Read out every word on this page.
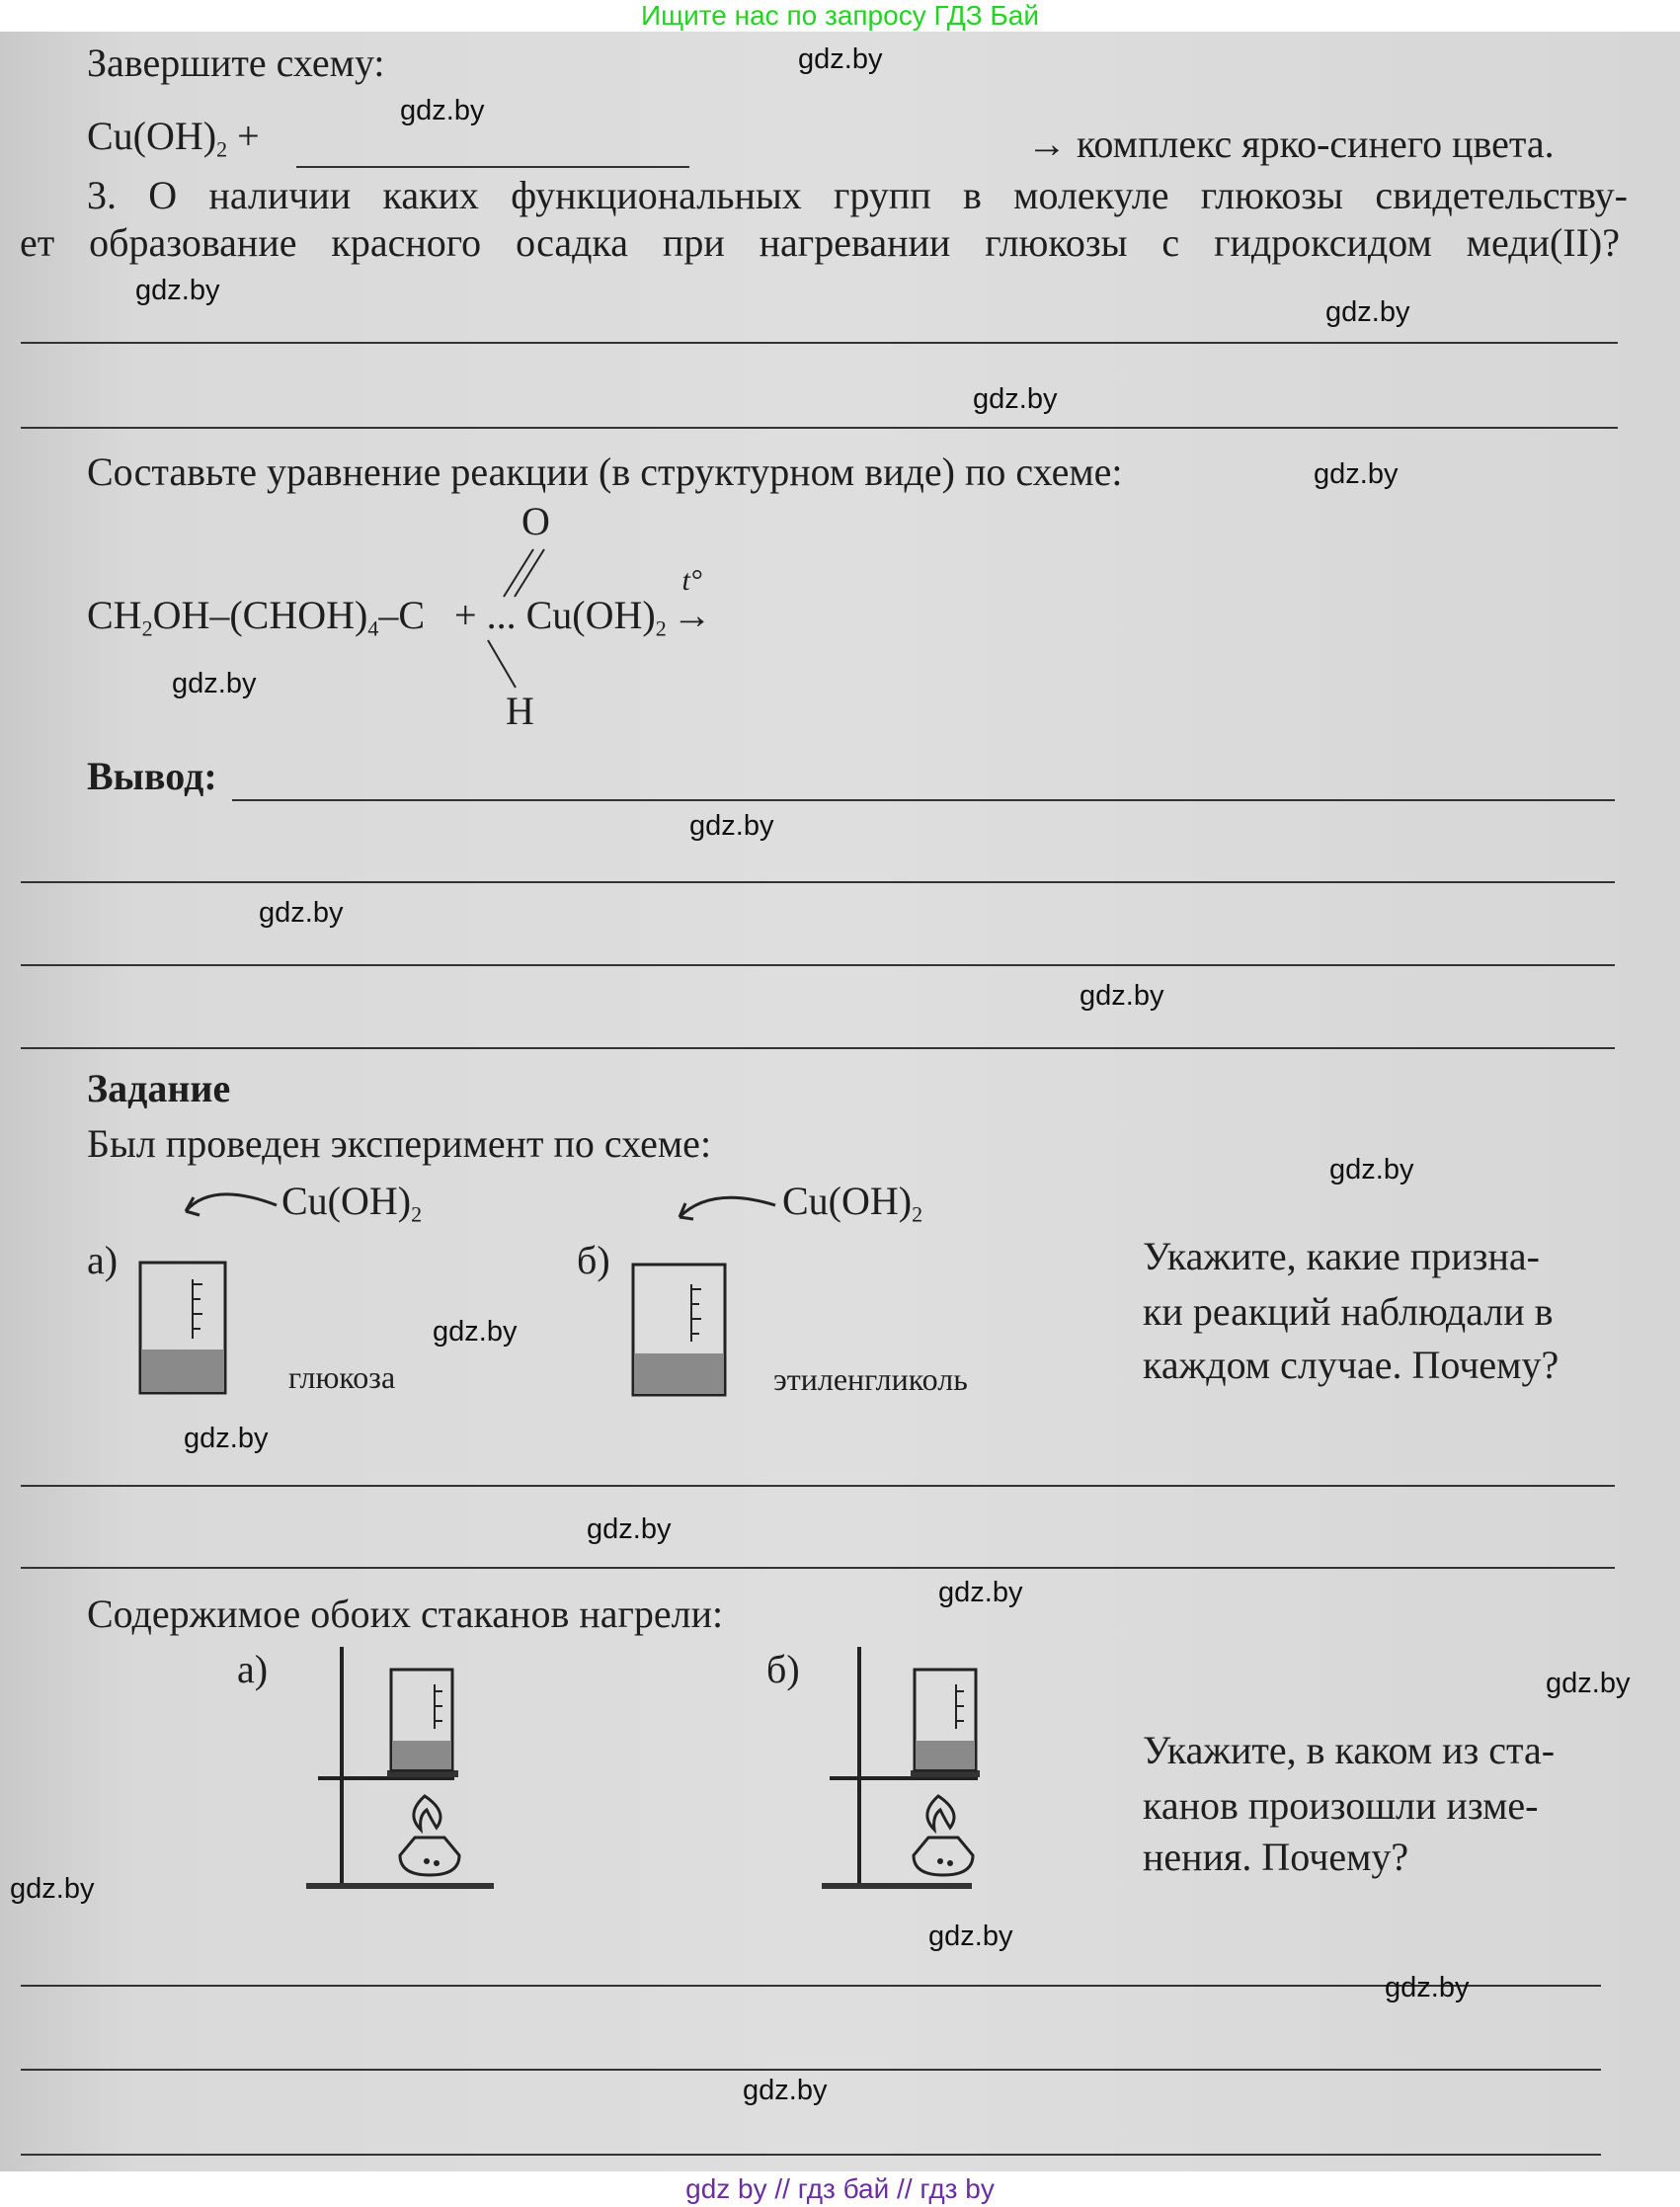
Ищите нас по запросу ГДЗ Бай
Завершите схему:
$Cu(OH)_2$ +	→ комплекс ярко-синего цвета.
3. О наличии каких функциональных групп в молекуле глюкозы свидетельству-
ет образование красного осадка при нагревании глюкозы с гидроксидом меди(II)?
Составьте уравнение реакции (в структурном виде) по схеме:
O
$CH_2OH-(CHOH)_4-C$ + ... $Cu(OH)_2$
t°
→
H
Вывод:
Задание
Был проведен эксперимент по схеме:
$Cu(OH)_2$	$Cu(OH)_2$
а)	б)
глюкоза	этиленгликоль
Укажите, какие призна-
ки реакций наблюдали в
каждом случае. Почему?
Содержимое обоих стаканов нагрели:
а)	б)
Укажите, в каком из ста-
канов произошли изме-
нения. Почему?
gdz.by
gdz.by
gdz.by
gdz.by
gdz.by
gdz.by
gdz.by
gdz.by
gdz.by
gdz.by
gdz.by
gdz.by
gdz.by
gdz.by
gdz.by
gdz.by
gdz.by
gdz.by
gdz.by
gdz.by
gdz by // гдз бай // гдз by
